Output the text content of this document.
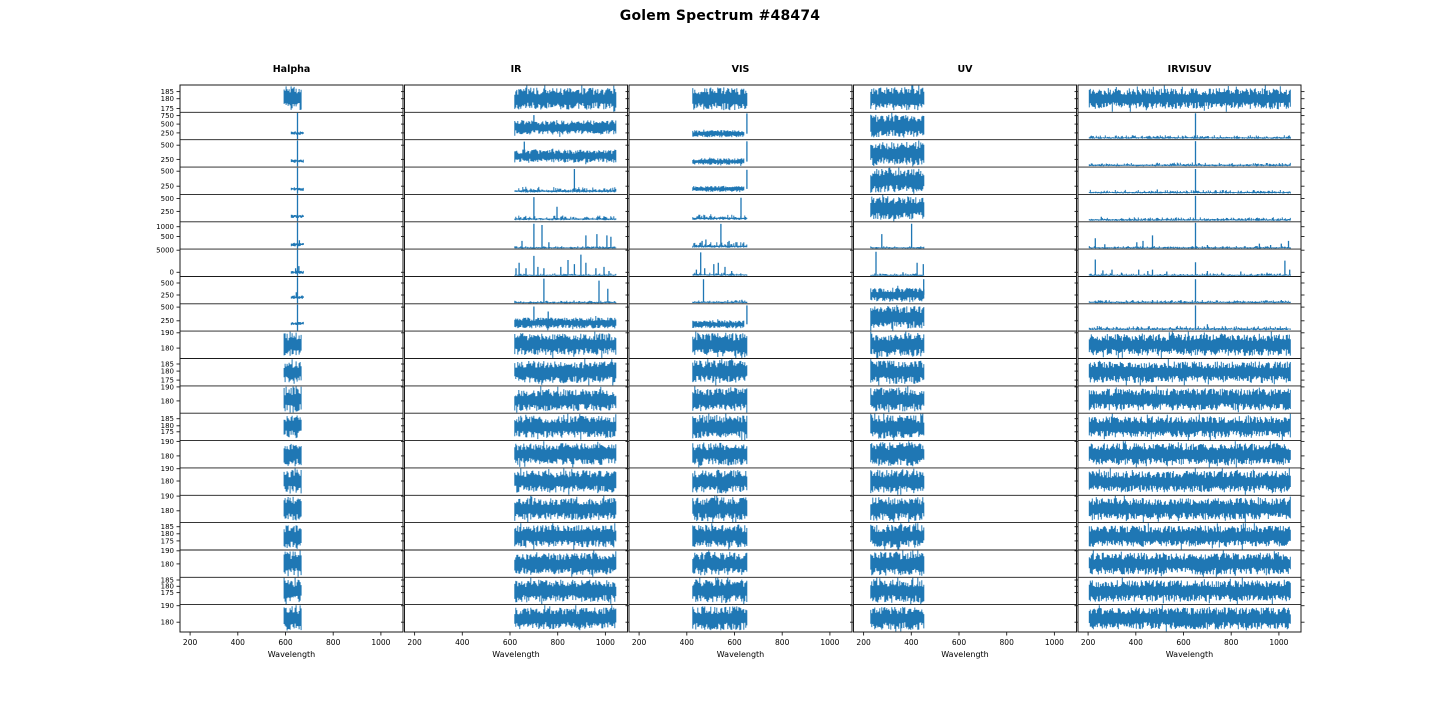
Golem Spectrum #48474
Halpha	IR	VIS	UV	IRVISUV
185
180
175
750
500
250
500
250
500
250
500
250
1000
500
5000
0
500
250
500
250
190
180
185
180
175
190
180
185
180
175
190
180
190
180
190
180
185
180
175
190
180
185
180
175
190
180
200	400	600	800	1000 200	400	600	800	1000 200	400	600	800	1000 200	400	600	800	1000 200	400	600	800	1000
Wavelength	Wavelength	Wavelength	Wavelength	Wavelength
